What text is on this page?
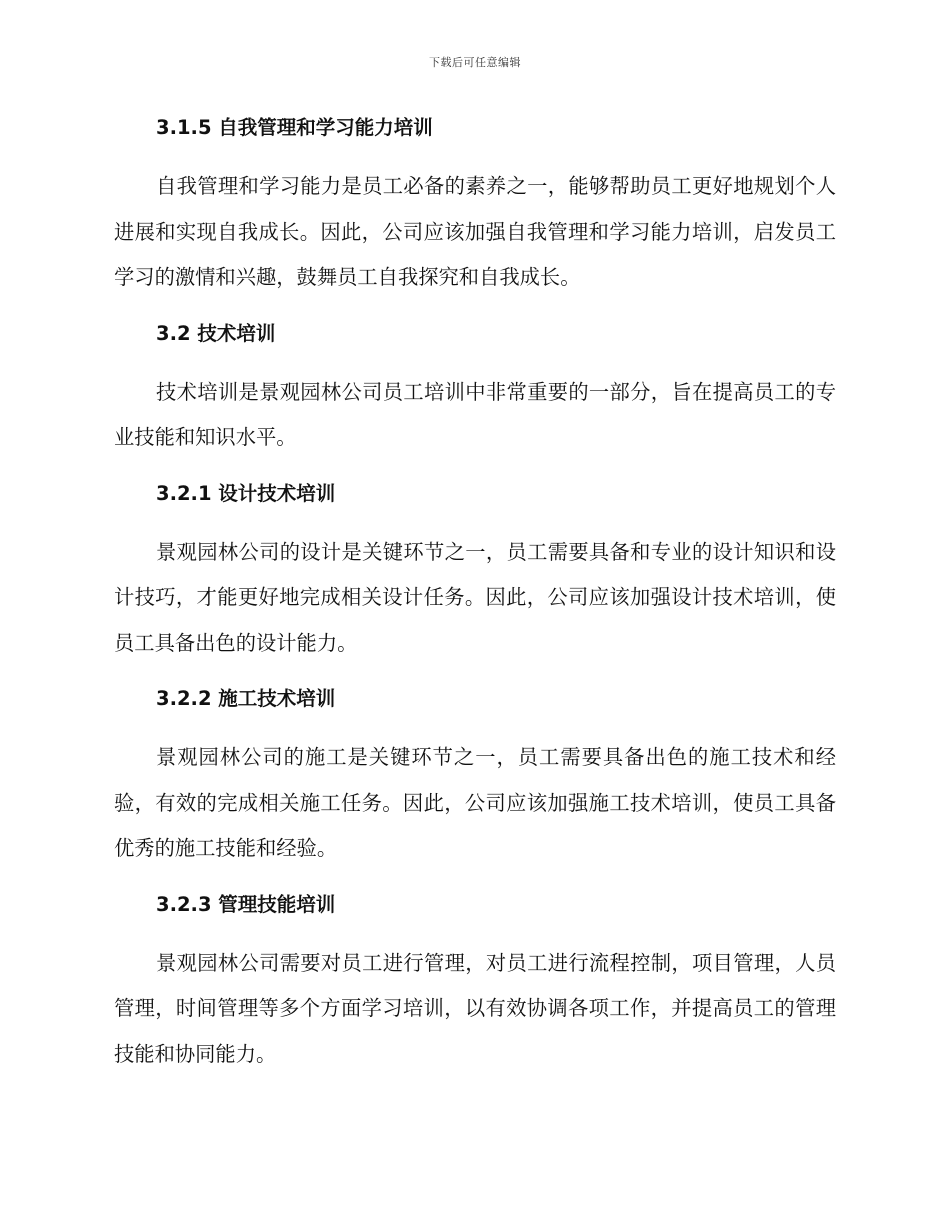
下载后可任意编辑
3.1.5 自我管理和学习能力培训

自我管理和学习能力是员工必备的素养之一，能够帮助员工更好地规划个人进展和实现自我成长。因此，公司应该加强自我管理和学习能力培训，启发员工学习的激情和兴趣，鼓舞员工自我探究和自我成长。

3.2 技术培训

技术培训是景观园林公司员工培训中非常重要的一部分，旨在提高员工的专业技能和知识水平。

3.2.1 设计技术培训

景观园林公司的设计是关键环节之一，员工需要具备和专业的设计知识和设计技巧，才能更好地完成相关设计任务。因此，公司应该加强设计技术培训，使员工具备出色的设计能力。

3.2.2 施工技术培训

景观园林公司的施工是关键环节之一，员工需要具备出色的施工技术和经验，有效的完成相关施工任务。因此，公司应该加强施工技术培训，使员工具备优秀的施工技能和经验。

3.2.3 管理技能培训

景观园林公司需要对员工进行管理，对员工进行流程控制，项目管理，人员管理，时间管理等多个方面学习培训，以有效协调各项工作，并提高员工的管理技能和协同能力。
